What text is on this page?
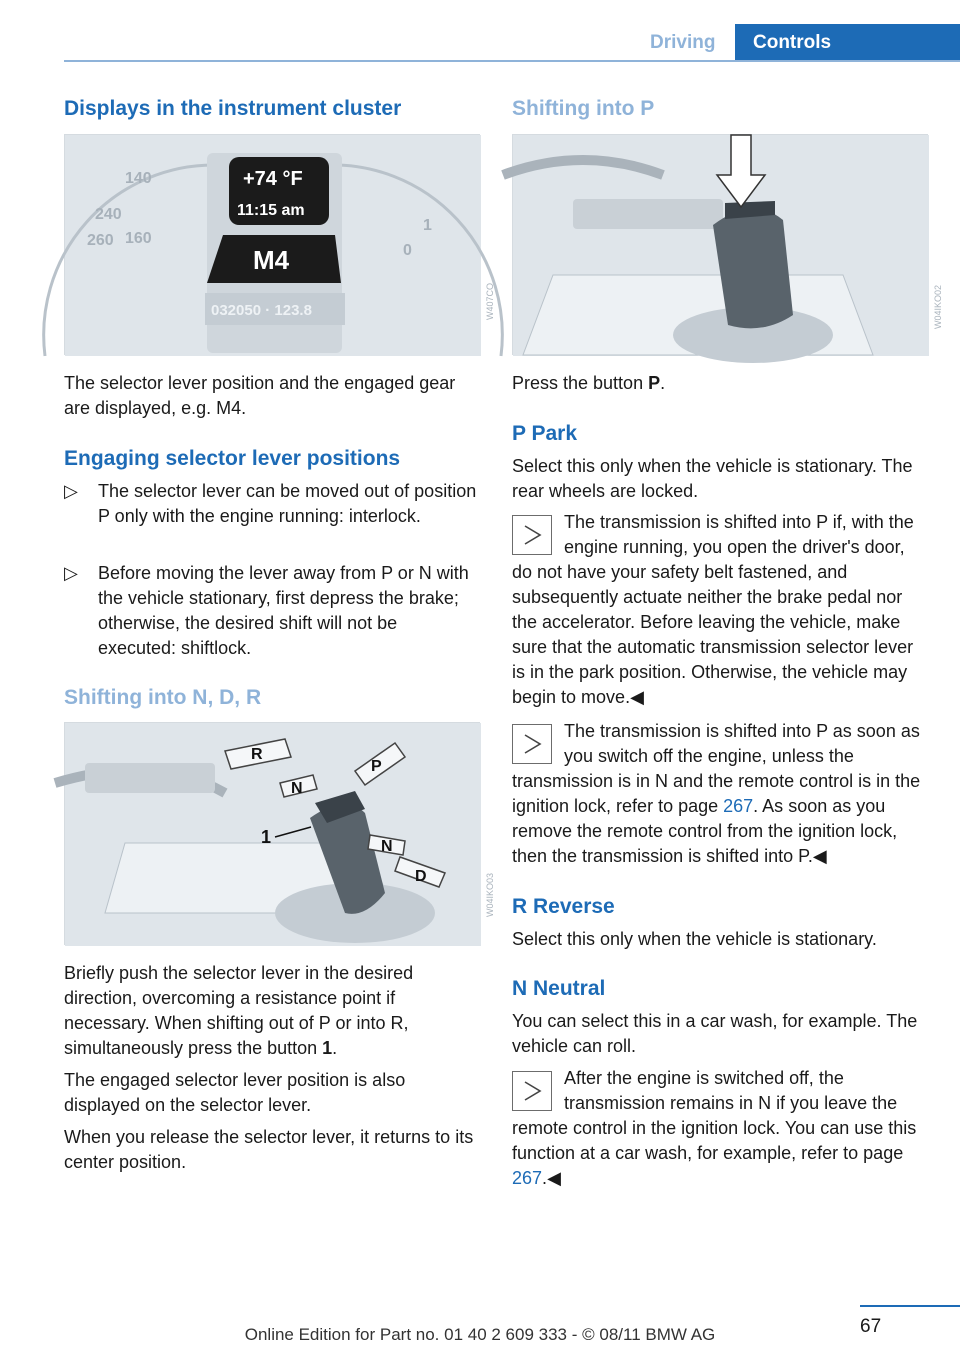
Driving	Controls
Displays in the instrument cluster
140
240
260 160
1
0
+74 °F
11:15 am
M4
032050 · 123.8	W407CO
The selector lever position and the engaged gear are displayed, e.g. M4.
Engaging selector lever positions
▷ The selector lever can be moved out of position P only with the engine running: interlock.
▷ Before moving the lever away from P or N with the vehicle stationary, first depress the brake; otherwise, the desired shift will not be executed: shiftlock.
Shifting into N, D, R
R
N
P
N
D
1
W04IKO03
Briefly push the selector lever in the desired direction, overcoming a resistance point if necessary. When shifting out of P or into R, simultaneously press the button 1.
The engaged selector lever position is also displayed on the selector lever.
When you release the selector lever, it returns to its center position.
Shifting into P
W04IKO02
Press the button P.
P Park
Select this only when the vehicle is stationary. The rear wheels are locked.

The transmission is shifted into P if, with the engine running, you open the driver's door, do not have your safety belt fastened, and subsequently actuate neither the brake pedal nor the accelerator. Before leaving the vehicle, make sure that the automatic transmission selector lever is in the park position. Otherwise, the vehicle may begin to move.◀

The transmission is shifted into P as soon as you switch off the engine, unless the transmission is in N and the remote control is in the ignition lock, refer to page 267. As soon as you remove the remote control from the ignition lock, then the transmission is shifted into P.◀

R Reverse
Select this only when the vehicle is stationary.
N Neutral
You can select this in a car wash, for example. The vehicle can roll.

After the engine is switched off, the transmission remains in N if you leave the remote control in the ignition lock. You can use this function at a car wash, for example, refer to page 267.◀

67
Online Edition for Part no. 01 40 2 609 333 - © 08/11 BMW AG
